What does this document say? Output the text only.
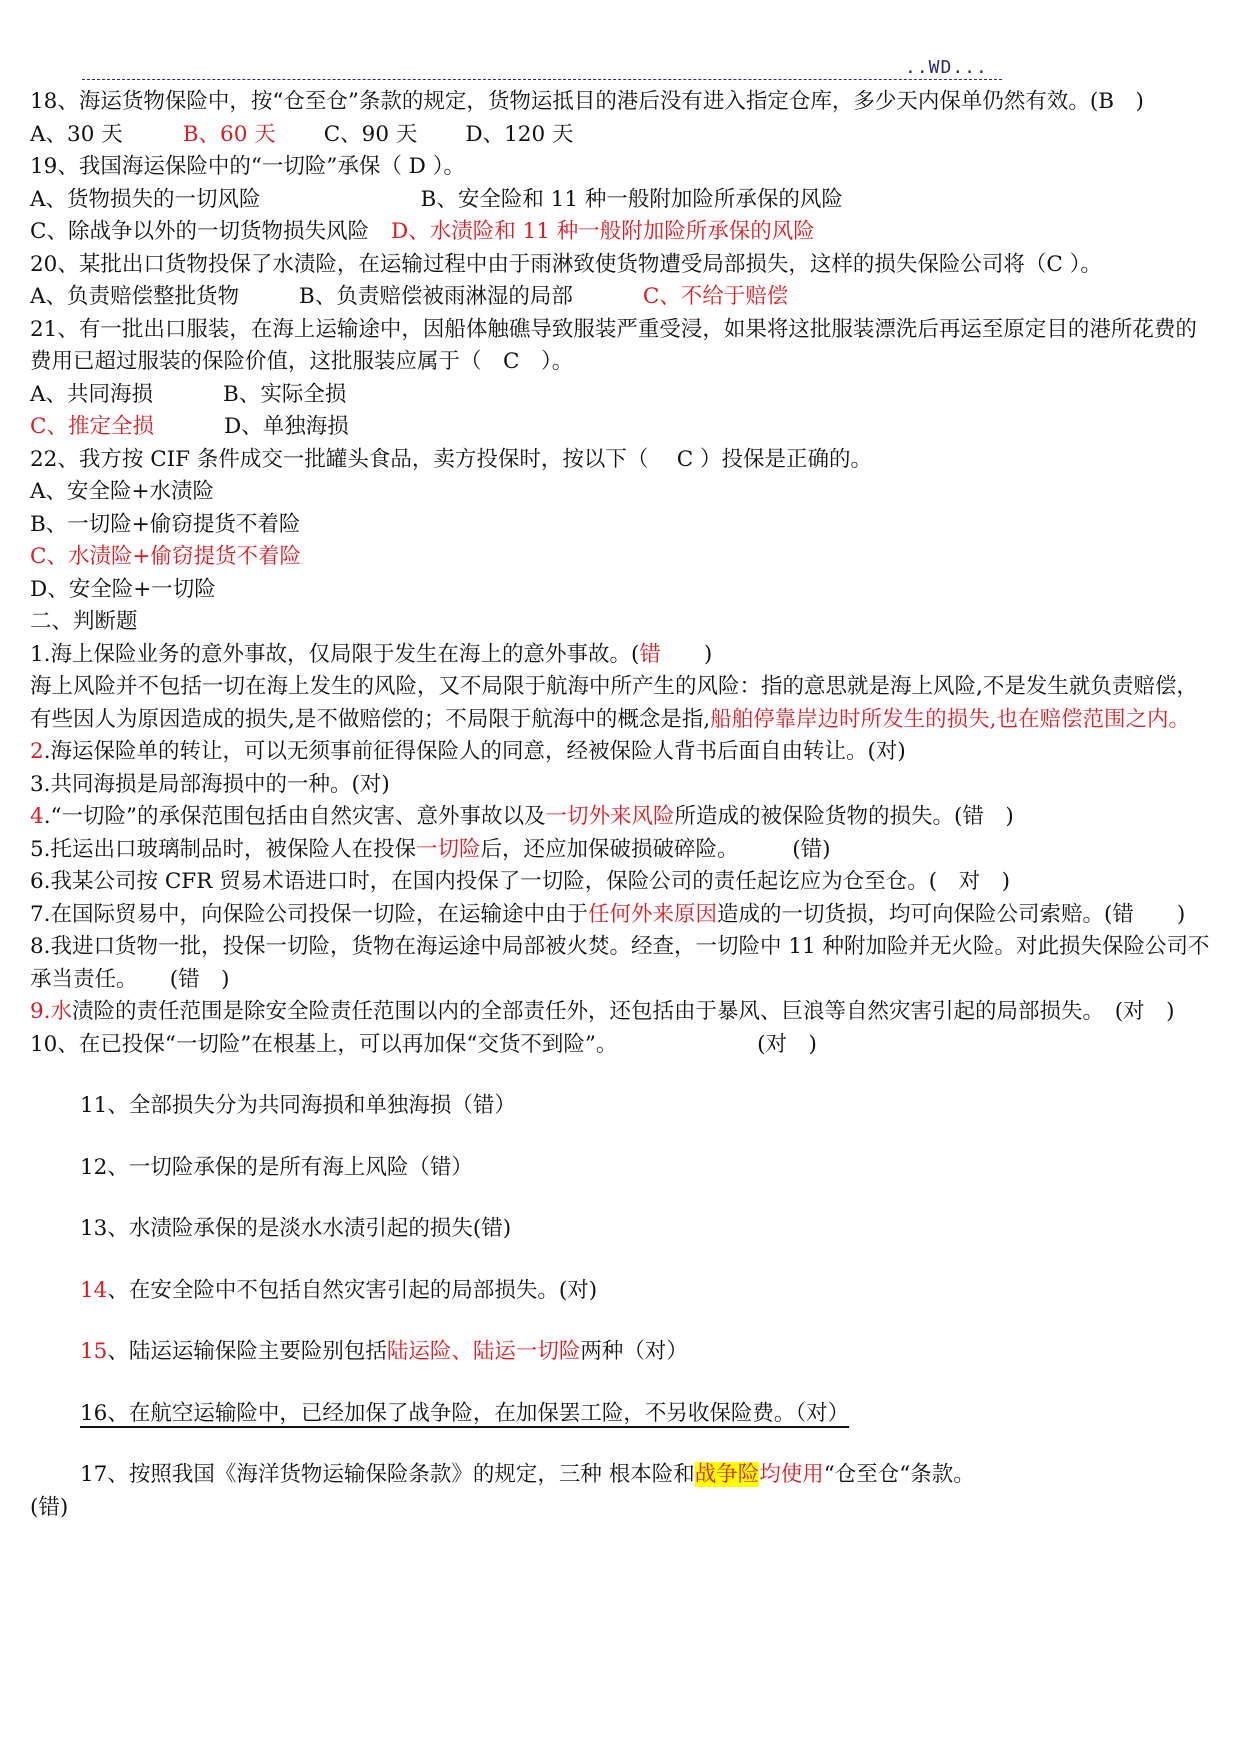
..WD...
18、海运货物保险中，按“仓至仓”条款的规定，货物运抵目的港后没有进入指定仓库，多少天内保单仍然有效。(B　)
A、30 天	B、60 天 C、90 天 D、120 天
19、我国海运保险中的“一切险”承保（ D ）。
A、货物损失的一切风险	B、安全险和 11 种一般附加险所承保的风险
C、除战争以外的一切货物损失风险 D、水渍险和 11 种一般附加险所承保的风险
20、某批出口货物投保了水渍险，在运输过程中由于雨淋致使货物遭受局部损失，这样的损失保险公司将（C ）。
A、负责赔偿整批货物	B、负责赔偿被雨淋湿的局部	C、不给于赔偿
21、有一批出口服装，在海上运输途中，因船体触礁导致服装严重受浸，如果将这批服装漂洗后再运至原定目的港所花费的费用已超过服装的保险价值，这批服装应属于（　C　）。
A、共同海损	B、实际全损
C、推定全损	D、单独海损
22、我方按 CIF 条件成交一批罐头食品，卖方投保时，按以下（　 C ）投保是正确的。
A、安全险+水渍险
B、一切险+偷窃提货不着险
C、水渍险+偷窃提货不着险
D、安全险+一切险
二、判断题
1.海上保险业务的意外事故，仅局限于发生在海上的意外事故。(错　　)
海上风险并不包括一切在海上发生的风险，又不局限于航海中所产生的风险：指的意思就是海上风险,不是发生就负责赔偿，有些因人为原因造成的损失,是不做赔偿的；不局限于航海中的概念是指,船舶停靠岸边时所发生的损失,也在赔偿范围之内。
2.海运保险单的转让，可以无须事前征得保险人的同意，经被保险人背书后面自由转让。(对)
3.共同海损是局部海损中的一种。(对)
4.“一切险”的承保范围包括由自然灾害、意外事故以及一切外来风险所造成的被保险货物的损失。(错　)
5.托运出口玻璃制品时，被保险人在投保一切险后，还应加保破损破碎险。　　　(错)
6.我某公司按 CFR 贸易术语进口时，在国内投保了一切险，保险公司的责任起讫应为仓至仓。(　对　)
7.在国际贸易中，向保险公司投保一切险，在运输途中由于任何外来原因造成的一切货损，均可向保险公司索赔。(错　　)
8.我进口货物一批，投保一切险，货物在海运途中局部被火焚。经查，一切险中 11 种附加险并无火险。对此损失保险公司不承当责任。　　(错　)
9.水渍险的责任范围是除安全险责任范围以内的全部责任外，还包括由于暴风、巨浪等自然灾害引起的局部损失。　(对　)
10、在已投保“一切险”在根基上，可以再加保“交货不到险”。　　　　　　　(对　)
11、全部损失分为共同海损和单独海损（错）
12、一切险承保的是所有海上风险（错）
13、水渍险承保的是淡水水渍引起的损失(错)
14、在安全险中不包括自然灾害引起的局部损失。(对)
15、陆运运输保险主要险别包括陆运险、陆运一切险两种（对）
16、在航空运输险中，已经加保了战争险，在加保罢工险，不另收保险费。（对）
17、按照我国《海洋货物运输保险条款》的规定，三种 根本险和战争险均使用“仓至仓“条款。
(错)
